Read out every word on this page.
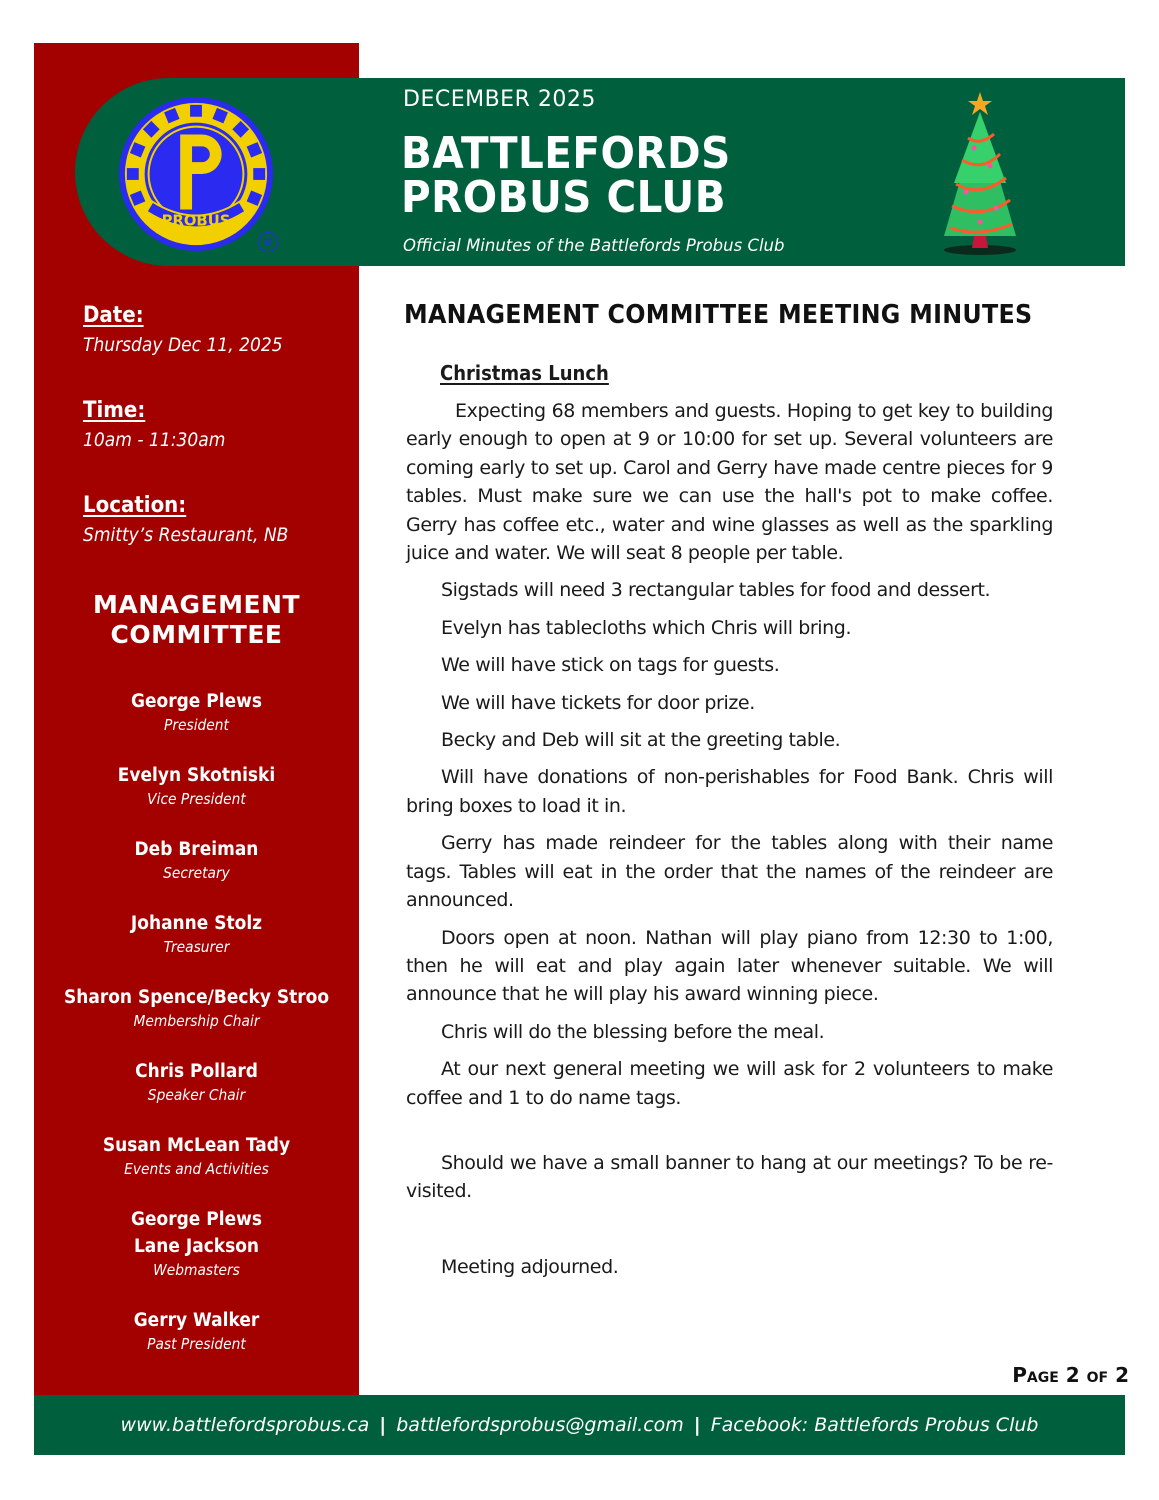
PROBUS
®
DECEMBER 2025
BATTLEFORDS
PROBUS CLUB
Official Minutes of the Battlefords Probus Club
Date:
Thursday Dec 11, 2025
Time:
10am - 11:30am
Location:
Smitty’s Restaurant, NB
MANAGEMENT
COMMITTEE
George Plews
President
Evelyn Skotniski
Vice President
Deb Breiman
Secretary
Johanne Stolz
Treasurer
Sharon Spence/Becky Stroo
Membership Chair
Chris Pollard
Speaker Chair
Susan McLean Tady
Events and Activities
George Plews
Lane Jackson
Webmasters
Gerry Walker
Past President
MANAGEMENT COMMITTEE MEETING MINUTES
Christmas Lunch

Expecting 68 members and guests. Hoping to get key to building early enough to open at 9 or 10:00 for set up. Several volunteers are coming early to set up. Carol and Gerry have made centre pieces for 9 tables. Must make sure we can use the hall's pot to make coffee. Gerry has coffee etc., water and wine glasses as well as the sparkling juice and water. We will seat 8 people per table.

Sigstads will need 3 rectangular tables for food and dessert.

Evelyn has tablecloths which Chris will bring.

We will have stick on tags for guests.

We will have tickets for door prize.

Becky and Deb will sit at the greeting table.

Will have donations of non-perishables for Food Bank. Chris will bring boxes to load it in.

Gerry has made reindeer for the tables along with their name tags. Tables will eat in the order that the names of the reindeer are announced.

Doors open at noon. Nathan will play piano from 12:30 to 1:00, then he will eat and play again later whenever suitable. We will announce that he will play his award winning piece.

Chris will do the blessing before the meal.

At our next general meeting we will ask for 2 volunteers to make coffee and 1 to do name tags.

Should we have a small banner to hang at our meetings? To be re-visited.

Meeting adjourned.

Page 2 of 2
www.battlefordsprobus.ca | battlefordsprobus@gmail.com | Facebook: Battlefords Probus Club
